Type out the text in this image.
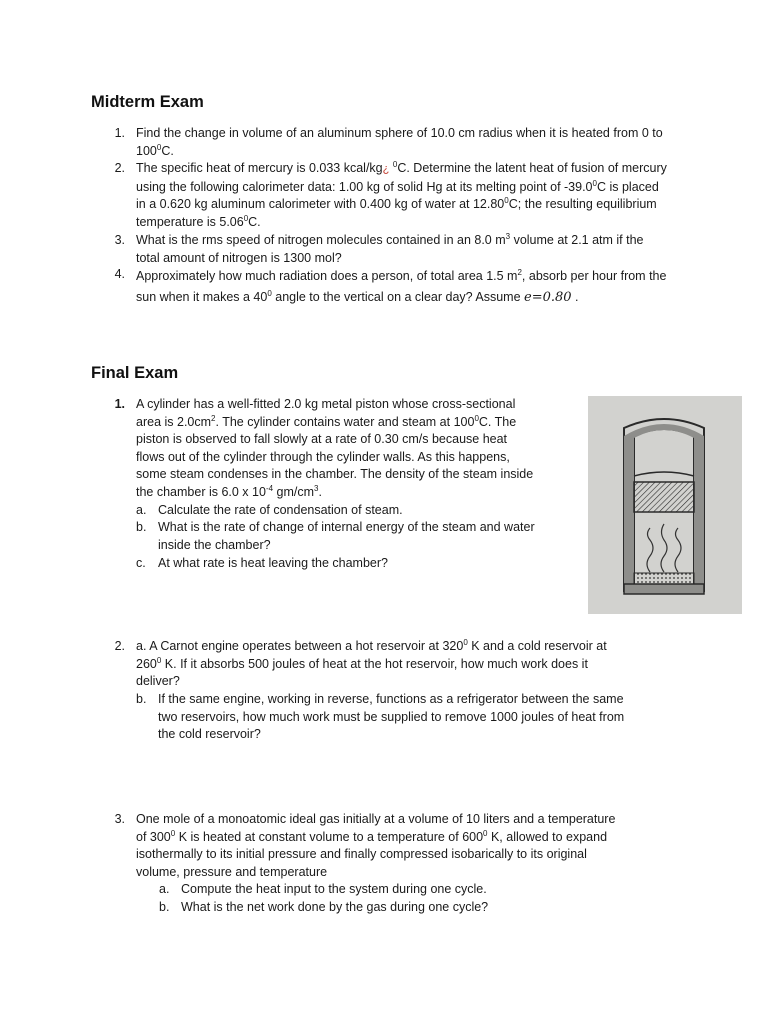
Midterm Exam
1. Find the change in volume of an aluminum sphere of 10.0 cm radius when it is heated from 0 to $100^0C$.
2. The specific heat of mercury is 0.033 kcal/kg¿ $^0$C. Determine the latent heat of fusion of mercury using the following calorimeter data: 1.00 kg of solid Hg at its melting point of -39.0$^0$C is placed in a 0.620 kg aluminum calorimeter with 0.400 kg of water at 12.80$^0$C; the resulting equilibrium temperature is 5.06$^0$C.
3. What is the rms speed of nitrogen molecules contained in an 8.0 $m^3$ volume at 2.1 atm if the total amount of nitrogen is 1300 mol?
4. Approximately how much radiation does a person, of total area 1.5 $m^2$, absorb per hour from the sun when it makes a $40^0$ angle to the vertical on a clear day? Assume e=0.80 .
Final Exam
1. A cylinder has a well-fitted 2.0 kg metal piston whose cross-sectional
area is $2.0cm^2$. The cylinder contains water and steam at $100^0C$. The
piston is observed to fall slowly at a rate of 0.30 cm/s because heat
flows out of the cylinder through the cylinder walls. As this happens,
some steam condenses in the chamber. The density of the steam inside
the chamber is 6.0 x $10^{-4}$ $gm/cm^3$.
a. Calculate the rate of condensation of steam.
b. What is the rate of change of internal energy of the steam and water
inside the chamber?
c. At what rate is heat leaving the chamber?
2. a. A Carnot engine operates between a hot reservoir at $320^0$ K and a cold reservoir at
$260^0$ K. If it absorbs 500 joules of heat at the hot reservoir, how much work does it
deliver?
b. If the same engine, working in reverse, functions as a refrigerator between the same
two reservoirs, how much work must be supplied to remove 1000 joules of heat from
the cold reservoir?
3. One mole of a monoatomic ideal gas initially at a volume of 10 liters and a temperature
of $300^0$ K is heated at constant volume to a temperature of $600^0$ K, allowed to expand
isothermally to its initial pressure and finally compressed isobarically to its original
volume, pressure and temperature
a. Compute the heat input to the system during one cycle.
b. What is the net work done by the gas during one cycle?
